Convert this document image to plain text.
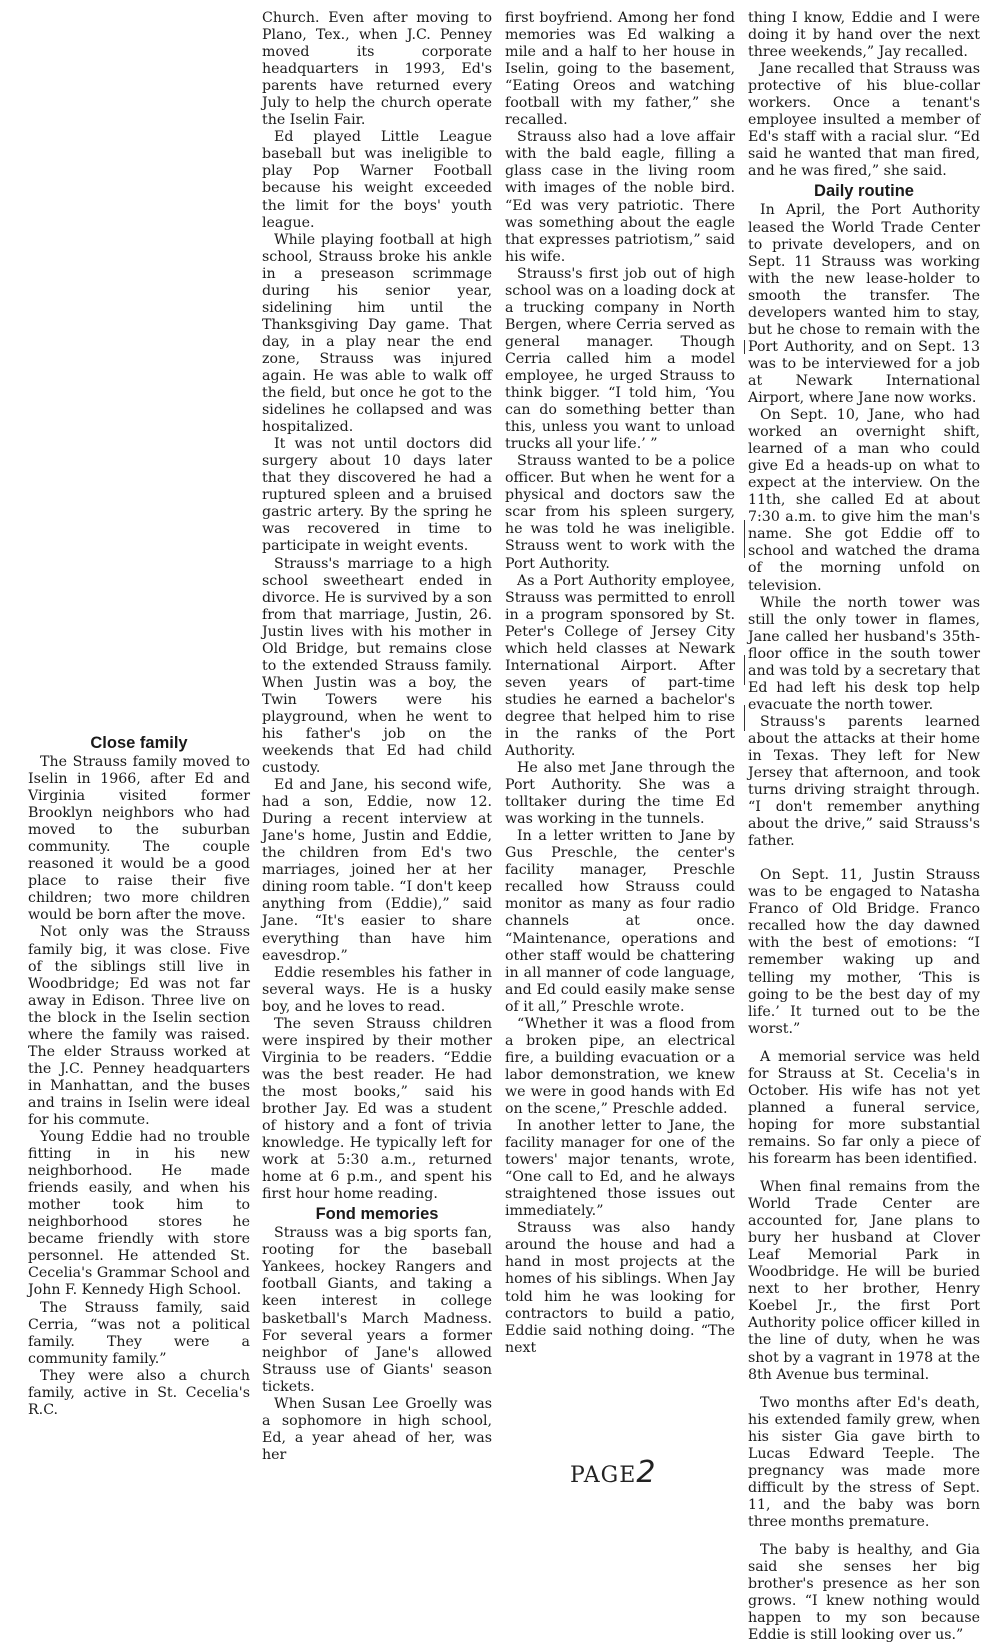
Close family

The Strauss family moved to Iselin in 1966, after Ed and Virginia visited former Brooklyn neighbors who had moved to the suburban community. The couple reasoned it would be a good place to raise their five children; two more children would be born after the move.

Not only was the Strauss family big, it was close. Five of the siblings still live in Woodbridge; Ed was not far away in Edison. Three live on the block in the Iselin section where the family was raised. The elder Strauss worked at the J.C. Penney headquarters in Manhattan, and the buses and trains in Iselin were ideal for his commute.

Young Eddie had no trouble fitting in in his new neighborhood. He made friends easily, and when his mother took him to neighborhood stores he became friendly with store personnel. He attended St. Cecelia's Grammar School and John F. Kennedy High School.

The Strauss family, said Cerria, “was not a political family. They were a community family.”

They were also a church family, active in St. Cecelia's R.C.

Church. Even after moving to Plano, Tex., when J.C. Penney moved its corporate headquarters in 1993, Ed's parents have returned every July to help the church operate the Iselin Fair.

Ed played Little League baseball but was ineligible to play Pop Warner Football because his weight exceeded the limit for the boys' youth league.

While playing football at high school, Strauss broke his ankle in a preseason scrimmage during his senior year, sidelining him until the Thanksgiving Day game. That day, in a play near the end zone, Strauss was injured again. He was able to walk off the field, but once he got to the sidelines he collapsed and was hospitalized.

It was not until doctors did surgery about 10 days later that they discovered he had a ruptured spleen and a bruised gastric artery. By the spring he was recovered in time to participate in weight events.

Strauss's marriage to a high school sweetheart ended in divorce. He is survived by a son from that marriage, Justin, 26. Justin lives with his mother in Old Bridge, but remains close to the extended Strauss family. When Justin was a boy, the Twin Towers were his playground, when he went to his father's job on the weekends that Ed had child custody.

Ed and Jane, his second wife, had a son, Eddie, now 12. During a recent interview at Jane's home, Justin and Eddie, the children from Ed's two marriages, joined her at her dining room table. “I don't keep anything from (Eddie),” said Jane. “It's easier to share everything than have him eavesdrop.”

Eddie resembles his father in several ways. He is a husky boy, and he loves to read.

The seven Strauss children were inspired by their mother Virginia to be readers. “Eddie was the best reader. He had the most books,” said his brother Jay. Ed was a student of history and a font of trivia knowledge. He typically left for work at 5:30 a.m., returned home at 6 p.m., and spent his first hour home reading.

Fond memories

Strauss was a big sports fan, rooting for the baseball Yankees, hockey Rangers and football Giants, and taking a keen interest in college basketball's March Madness. For several years a former neighbor of Jane's allowed Strauss use of Giants' season tickets.

When Susan Lee Groelly was a sophomore in high school, Ed, a year ahead of her, was her

first boyfriend. Among her fond memories was Ed walking a mile and a half to her house in Iselin, going to the basement, “Eating Oreos and watching football with my father,” she recalled.

Strauss also had a love affair with the bald eagle, filling a glass case in the living room with images of the noble bird. “Ed was very patriotic. There was something about the eagle that expresses patriotism,” said his wife.

Strauss's first job out of high school was on a loading dock at a trucking company in North Bergen, where Cerria served as general manager. Though Cerria called him a model employee, he urged Strauss to think bigger. “I told him, ‘You can do something better than this, unless you want to unload trucks all your life.’ ”

Strauss wanted to be a police officer. But when he went for a physical and doctors saw the scar from his spleen surgery, he was told he was ineligible. Strauss went to work with the Port Authority.

As a Port Authority employee, Strauss was permitted to enroll in a program sponsored by St. Peter's College of Jersey City which held classes at Newark International Airport. After seven years of part-time studies he earned a bachelor's degree that helped him to rise in the ranks of the Port Authority.

He also met Jane through the Port Authority. She was a tolltaker during the time Ed was working in the tunnels.

In a letter written to Jane by Gus Preschle, the center's facility manager, Preschle recalled how Strauss could monitor as many as four radio channels at once. “Maintenance, operations and other staff would be chattering in all manner of code language, and Ed could easily make sense of it all,” Preschle wrote.

“Whether it was a flood from a broken pipe, an electrical fire, a building evacuation or a labor demonstration, we knew we were in good hands with Ed on the scene,” Preschle added.

In another letter to Jane, the facility manager for one of the towers' major tenants, wrote, “One call to Ed, and he always straightened those issues out immediately.”

Strauss was also handy around the house and had a hand in most projects at the homes of his siblings. When Jay told him he was looking for contractors to build a patio, Eddie said nothing doing. “The next

thing I know, Eddie and I were doing it by hand over the next three weekends,” Jay recalled.

Jane recalled that Strauss was protective of his blue-collar workers. Once a tenant's employee insulted a member of Ed's staff with a racial slur. “Ed said he wanted that man fired, and he was fired,” she said.

Daily routine

In April, the Port Authority leased the World Trade Center to private developers, and on Sept. 11 Strauss was working with the new lease-holder to smooth the transfer. The developers wanted him to stay, but he chose to remain with the Port Authority, and on Sept. 13 was to be interviewed for a job at Newark International Airport, where Jane now works.

On Sept. 10, Jane, who had worked an overnight shift, learned of a man who could give Ed a heads-up on what to expect at the interview. On the 11th, she called Ed at about 7:30 a.m. to give him the man's name. She got Eddie off to school and watched the drama of the morning unfold on television.

While the north tower was still the only tower in flames, Jane called her husband's 35th-floor office in the south tower and was told by a secretary that Ed had left his desk top help evacuate the north tower.

Strauss's parents learned about the attacks at their home in Texas. They left for New Jersey that afternoon, and took turns driving straight through. “I don't remember anything about the drive,” said Strauss's father.

On Sept. 11, Justin Strauss was to be engaged to Natasha Franco of Old Bridge. Franco recalled how the day dawned with the best of emotions: “I remember waking up and telling my mother, ‘This is going to be the best day of my life.’ It turned out to be the worst.”

A memorial service was held for Strauss at St. Cecelia's in October. His wife has not yet planned a funeral service, hoping for more substantial remains. So far only a piece of his forearm has been identified.

When final remains from the World Trade Center are accounted for, Jane plans to bury her husband at Clover Leaf Memorial Park in Woodbridge. He will be buried next to her brother, Henry Koebel Jr., the first Port Authority police officer killed in the line of duty, when he was shot by a vagrant in 1978 at the 8th Avenue bus terminal.

Two months after Ed's death, his extended family grew, when his sister Gia gave birth to Lucas Edward Teeple. The pregnancy was made more difficult by the stress of Sept. 11, and the baby was born three months premature.

The baby is healthy, and Gia said she senses her big brother's presence as her son grows. “I knew nothing would happen to my son because Eddie is still looking over us.”

PAGE2
